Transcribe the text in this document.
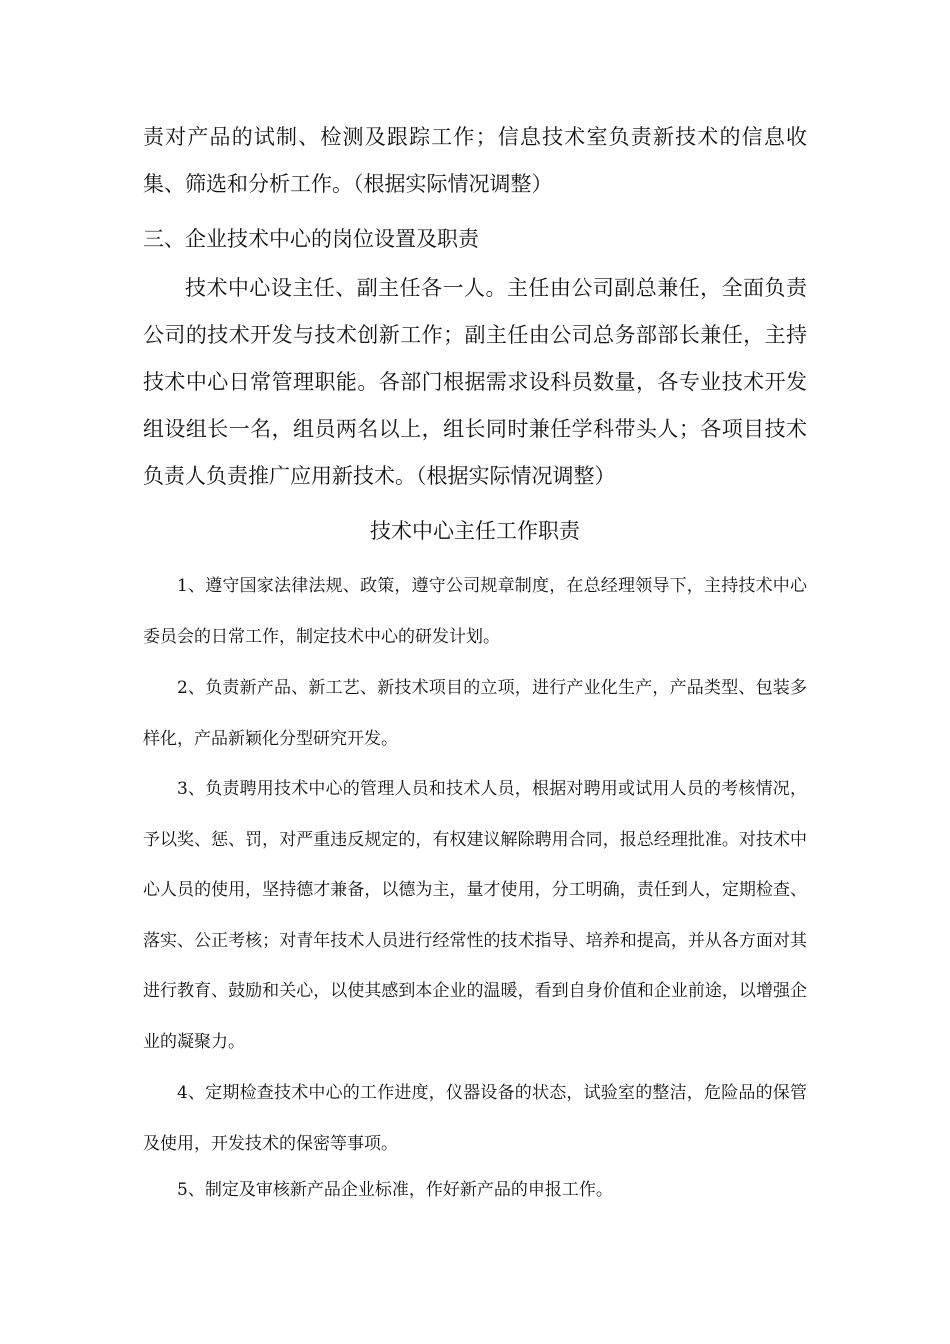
责对产品的试制、检测及跟踪工作；信息技术室负责新技术的信息收集、筛选和分析工作。（根据实际情况调整）

三、企业技术中心的岗位设置及职责

技术中心设主任、副主任各一人。主任由公司副总兼任，全面负责公司的技术开发与技术创新工作；副主任由公司总务部部长兼任，主持技术中心日常管理职能。各部门根据需求设科员数量，各专业技术开发组设组长一名，组员两名以上，组长同时兼任学科带头人；各项目技术负责人负责推广应用新技术。（根据实际情况调整）

技术中心主任工作职责

1、遵守国家法律法规、政策，遵守公司规章制度，在总经理领导下，主持技术中心委员会的日常工作，制定技术中心的研发计划。

2、负责新产品、新工艺、新技术项目的立项，进行产业化生产，产品类型、包装多样化，产品新颖化分型研究开发。

3、负责聘用技术中心的管理人员和技术人员，根据对聘用或试用人员的考核情况，予以奖、惩、罚，对严重违反规定的，有权建议解除聘用合同，报总经理批准。对技术中心人员的使用，坚持德才兼备，以德为主，量才使用，分工明确，责任到人，定期检查、落实、公正考核；对青年技术人员进行经常性的技术指导、培养和提高，并从各方面对其进行教育、鼓励和关心，以使其感到本企业的温暖，看到自身价值和企业前途，以增强企业的凝聚力。

4、定期检查技术中心的工作进度，仪器设备的状态，试验室的整洁，危险品的保管及使用，开发技术的保密等事项。

5、制定及审核新产品企业标准，作好新产品的申报工作。
